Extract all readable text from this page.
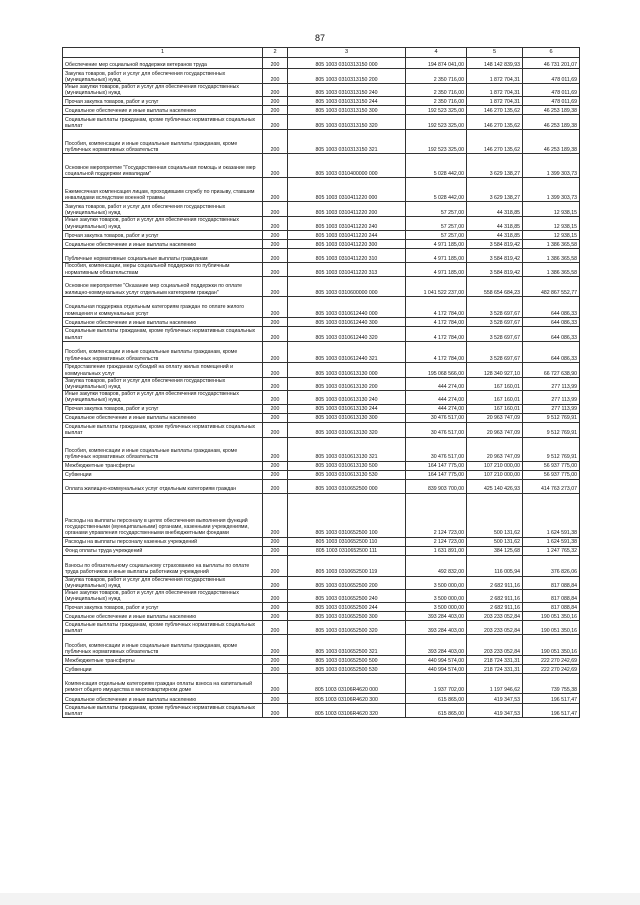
87
1	2	3	4	5	6
Обеспечение мер социальной поддержки ветеранов труда	200	805 1003 0310313150 000	194 874 041,00	148 142 839,93	46 731 201,07
Закупка товаров, работ и услуг для обеспечения государственных (муниципальных) нужд	200	805 1003 0310313150 200	2 350 716,00	1 872 704,31	478 011,69
Иные закупки товаров, работ и услуг для обеспечения государственных (муниципальных) нужд	200	805 1003 0310313150 240	2 350 716,00	1 872 704,31	478 011,69
Прочая закупка товаров, работ и услуг	200	805 1003 0310313150 244	2 350 716,00	1 872 704,31	478 011,69
Социальное обеспечение и иные выплаты населению	200	805 1003 0310313150 300	192 523 325,00	146 270 135,62	46 253 189,38
Социальные выплаты гражданам, кроме публичных нормативных социальных выплат	200	805 1003 0310313150 320	192 523 325,00	146 270 135,62	46 253 189,38
Пособия, компенсации и иные социальные выплаты гражданам, кроме публичных нормативных обязательств	200	805 1003 0310313150 321	192 523 325,00	146 270 135,62	46 253 189,38
Основное мероприятие "Государственная социальная помощь и оказание мер социальной поддержки инвалидам"	200	805 1003 0310400000 000	5 028 442,00	3 629 138,27	1 399 303,73
Ежемесячная компенсация лицам, проходившим службу по призыву, ставшим инвалидами вследствие военной травмы	200	805 1003 0310411220 000	5 028 442,00	3 629 138,27	1 399 303,73
Закупка товаров, работ и услуг для обеспечения государственных (муниципальных) нужд	200	805 1003 0310411220 200	57 257,00	44 318,85	12 938,15
Иные закупки товаров, работ и услуг для обеспечения государственных (муниципальных) нужд	200	805 1003 0310411220 240	57 257,00	44 318,85	12 938,15
Прочая закупка товаров, работ и услуг	200	805 1003 0310411220 244	57 257,00	44 318,85	12 938,15
Социальное обеспечение и иные выплаты населению	200	805 1003 0310411220 300	4 971 185,00	3 584 819,42	1 386 365,58
Публичные нормативные социальные выплаты гражданам	200	805 1003 0310411220 310	4 971 185,00	3 584 819,42	1 386 365,58
Пособия, компенсации, меры социальной поддержки по публичным нормативным обязательствам	200	805 1003 0310411220 313	4 971 185,00	3 584 819,42	1 386 365,58
Основное мероприятие "Оказание мер социальной поддержки по оплате жилищно-коммунальных услуг отдельным категориям граждан"	200	805 1003 0310600000 000	1 041 522 237,00	558 654 684,23	482 867 552,77
Социальная поддержка отдельным категориям граждан по оплате жилого помещения и коммунальных услуг	200	805 1003 0310612440 000	4 172 784,00	3 528 697,67	644 086,33
Социальное обеспечение и иные выплаты населению	200	805 1003 0310612440 300	4 172 784,00	3 528 697,67	644 086,33
Социальные выплаты гражданам, кроме публичных нормативных социальных выплат	200	805 1003 0310612440 320	4 172 784,00	3 528 697,67	644 086,33
Пособия, компенсации и иные социальные выплаты гражданам, кроме публичных нормативных обязательств	200	805 1003 0310612440 321	4 172 784,00	3 528 697,67	644 086,33
Предоставление гражданам субсидий на оплату жилых помещений и коммунальных услуг	200	805 1003 0310613130 000	195 068 566,00	128 340 927,10	66 727 638,90
Закупка товаров, работ и услуг для обеспечения государственных (муниципальных) нужд	200	805 1003 0310613130 200	444 274,00	167 160,01	277 113,99
Иные закупки товаров, работ и услуг для обеспечения государственных (муниципальных) нужд	200	805 1003 0310613130 240	444 274,00	167 160,01	277 113,99
Прочая закупка товаров, работ и услуг	200	805 1003 0310613130 244	444 274,00	167 160,01	277 113,99
Социальное обеспечение и иные выплаты населению	200	805 1003 0310613130 300	30 476 517,00	20 963 747,09	9 512 769,91
Социальные выплаты гражданам, кроме публичных нормативных социальных выплат	200	805 1003 0310613130 320	30 476 517,00	20 963 747,09	9 512 769,91
Пособия, компенсации и иные социальные выплаты гражданам, кроме публичных нормативных обязательств	200	805 1003 0310613130 321	30 476 517,00	20 963 747,09	9 512 769,91
Межбюджетные трансферты	200	805 1003 0310613130 500	164 147 775,00	107 210 000,00	56 937 775,00
Субвенции	200	805 1003 0310613130 530	164 147 775,00	107 210 000,00	56 937 775,00
Оплата жилищно-коммунальных услуг отдельным категориям граждан	200	805 1003 0310652500 000	839 903 700,00	425 140 426,93	414 763 273,07
Расходы на выплаты персоналу в целях обеспечения выполнения функций государственными (муниципальными) органами, казенными учреждениями, органами управления государственными внебюджетными фондами	200	805 1003 0310652500 100	2 124 723,00	500 131,62	1 624 591,38
Расходы на выплаты персоналу казенных учреждений	200	805 1003 0310652500 110	2 124 723,00	500 131,62	1 624 591,38
Фонд оплаты труда учреждений	200	805 1003 0310652500 111	1 631 891,00	384 125,68	1 247 765,32
Взносы по обязательному социальному страхованию на выплаты по оплате труда работников и иные выплаты работникам учреждений	200	805 1003 0310652500 119	492 832,00	116 005,94	376 826,06
Закупка товаров, работ и услуг для обеспечения государственных (муниципальных) нужд	200	805 1003 0310652500 200	3 500 000,00	2 682 911,16	817 088,84
Иные закупки товаров, работ и услуг для обеспечения государственных (муниципальных) нужд	200	805 1003 0310652500 240	3 500 000,00	2 682 911,16	817 088,84
Прочая закупка товаров, работ и услуг	200	805 1003 0310652500 244	3 500 000,00	2 682 911,16	817 088,84
Социальное обеспечение и иные выплаты населению	200	805 1003 0310652500 300	393 284 403,00	203 233 052,84	190 051 350,16
Социальные выплаты гражданам, кроме публичных нормативных социальных выплат	200	805 1003 0310652500 320	393 284 403,00	203 233 052,84	190 051 350,16
Пособия, компенсации и иные социальные выплаты гражданам, кроме публичных нормативных обязательств	200	805 1003 0310652500 321	393 284 403,00	203 233 052,84	190 051 350,16
Межбюджетные трансферты	200	805 1003 0310652500 500	440 994 574,00	218 724 331,31	222 270 242,69
Субвенции	200	805 1003 0310652500 530	440 994 574,00	218 724 331,31	222 270 242,69
Компенсация отдельным категориям граждан оплаты взноса на капитальный ремонт общего имущества в многоквартирном доме	200	805 1003 03106R4620 000	1 937 702,00	1 197 946,62	739 755,38
Социальное обеспечение и иные выплаты населению	200	805 1003 03106R4620 300	615 865,00	419 347,53	196 517,47
Социальные выплаты гражданам, кроме публичных нормативных социальных выплат	200	805 1003 03106R4620 320	615 865,00	419 347,53	196 517,47
